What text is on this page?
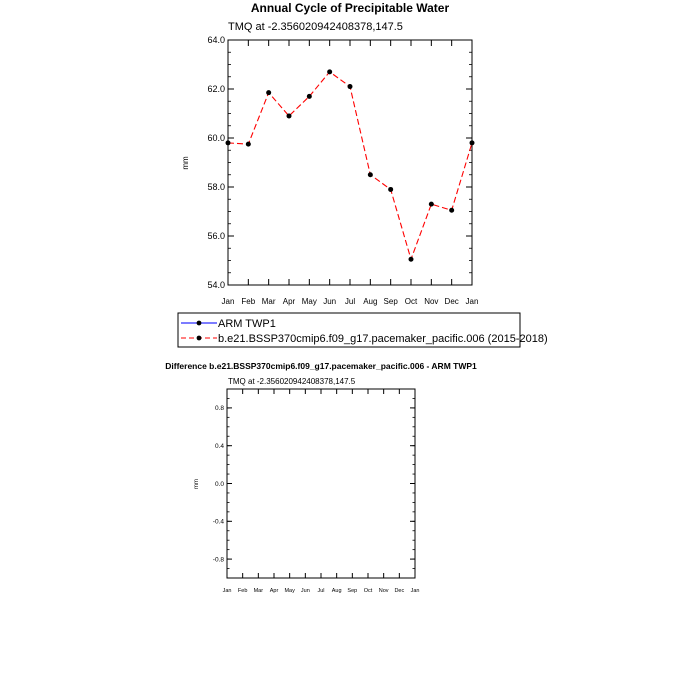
Annual Cycle of Precipitable Water
TMQ at -2.356020942408378,147.5
mm
54.0
56.0
58.0
60.0
62.0
64.0
Jan Feb Mar Apr May Jun Jul Aug Sep Oct Nov Dec Jan
ARM TWP1
b.e21.BSSP370cmip6.f09_g17.pacemaker_pacific.006 (2015-2018)
Difference b.e21.BSSP370cmip6.f09_g17.pacemaker_pacific.006 - ARM TWP1
TMQ at -2.356020942408378,147.5
mm
-0.8
-0.4
0.0
0.4
0.8
Jan Feb Mar Apr May Jun Jul Aug Sep Oct Nov Dec Jan
